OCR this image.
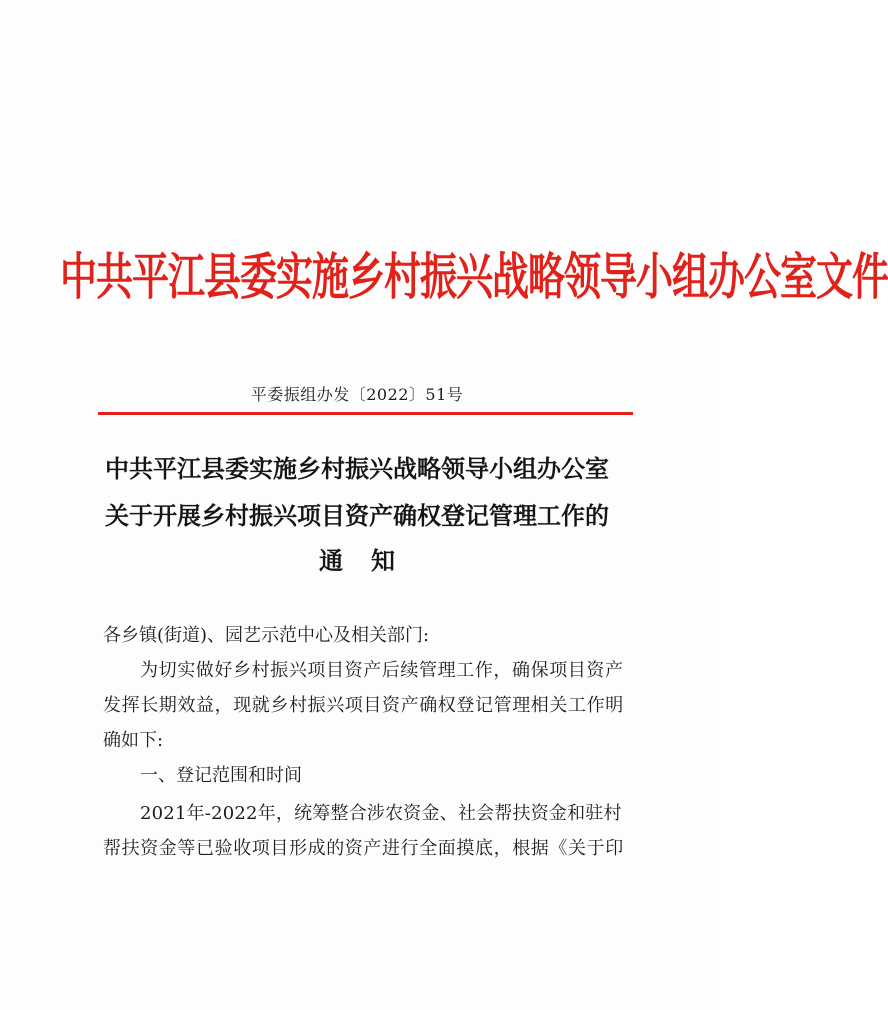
中共平江县委实施乡村振兴战略领导小组办公室文件
平委振组办发〔2022〕51号
中共平江县委实施乡村振兴战略领导小组办公室
关于开展乡村振兴项目资产确权登记管理工作的
通知
各乡镇(街道)、园艺示范中心及相关部门:
为切实做好乡村振兴项目资产后续管理工作，确保项目资产
发挥长期效益，现就乡村振兴项目资产确权登记管理相关工作明
确如下:
一、登记范围和时间
2021年-2022年，统筹整合涉农资金、社会帮扶资金和驻村
帮扶资金等已验收项目形成的资产进行全面摸底，根据《关于印
